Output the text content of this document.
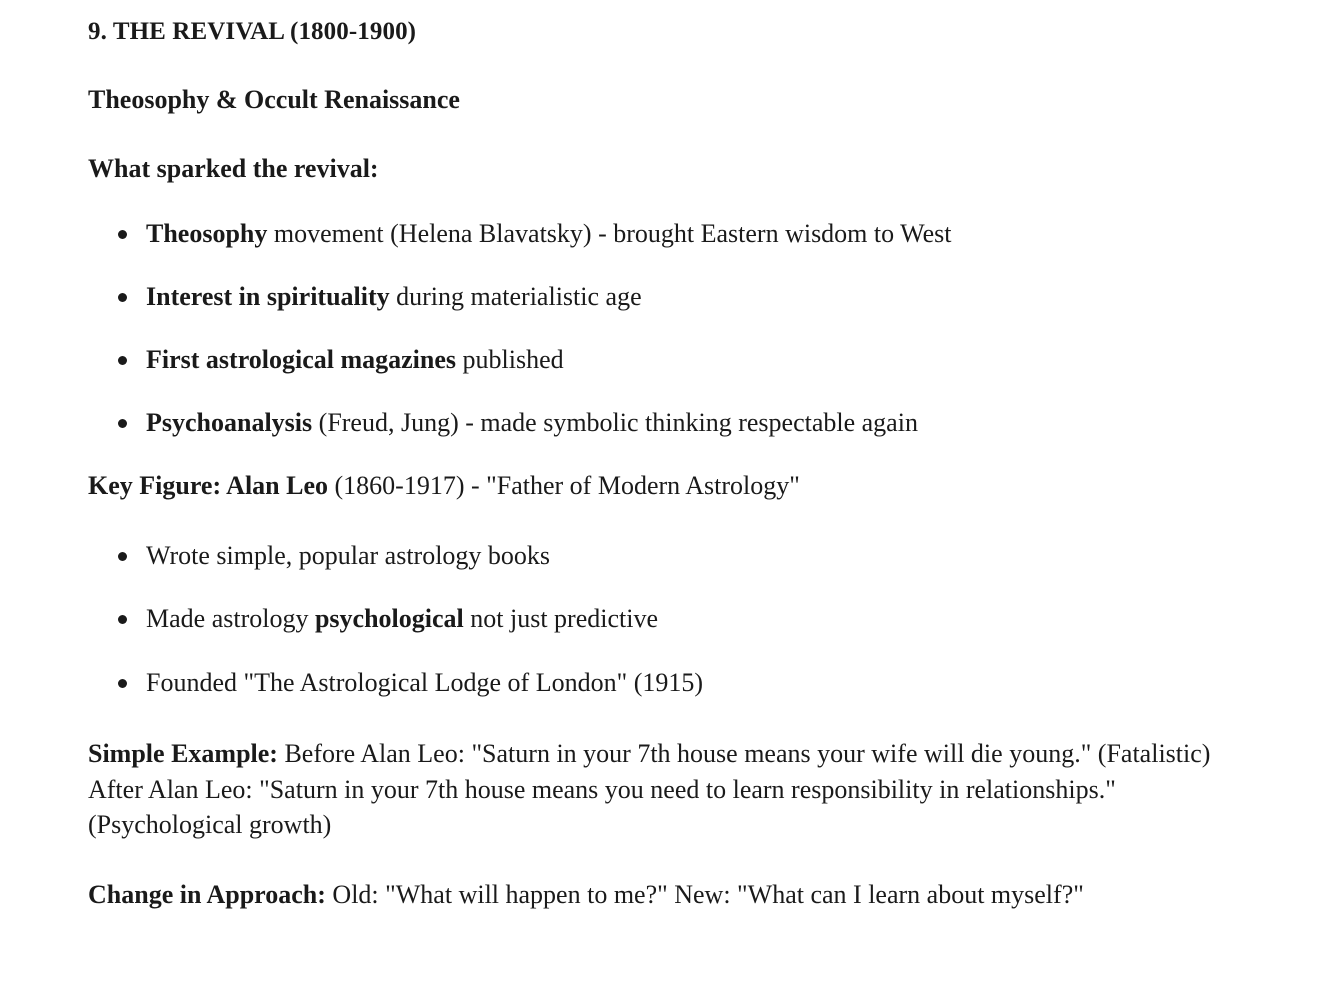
9. THE REVIVAL (1800-1900)
Theosophy & Occult Renaissance
What sparked the revival:
Theosophy movement (Helena Blavatsky) - brought Eastern wisdom to West
Interest in spirituality during materialistic age
First astrological magazines published
Psychoanalysis (Freud, Jung) - made symbolic thinking respectable again
Key Figure: Alan Leo (1860-1917) - "Father of Modern Astrology"
Wrote simple, popular astrology books
Made astrology psychological not just predictive
Founded "The Astrological Lodge of London" (1915)
Simple Example: Before Alan Leo: "Saturn in your 7th house means your wife will die young." (Fatalistic) After Alan Leo: "Saturn in your 7th house means you need to learn responsibility in relationships." (Psychological growth)
Change in Approach: Old: "What will happen to me?" New: "What can I learn about myself?"
